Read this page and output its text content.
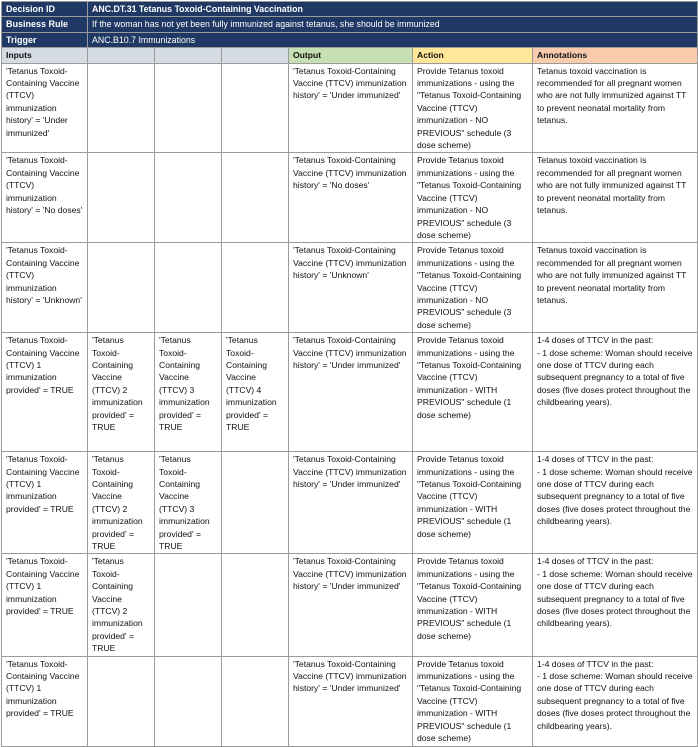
Decision ID	ANC.DT.31 Tetanus Toxoid-Containing Vaccination					
Business Rule	If the woman has not yet been fully immunized against tetanus, she should be immunized					
Trigger	ANC.B10.7 Immunizations					
Inputs				Output	Action	Annotations
'Tetanus Toxoid-Containing Vaccine (TTCV) immunization history' = 'Under immunized'				'Tetanus Toxoid-Containing Vaccine (TTCV) immunization history' = 'Under immunized'	Provide Tetanus toxoid immunizations - using the "Tetanus Toxoid-Containing Vaccine (TTCV) immunization - NO PREVIOUS" schedule (3 dose scheme)	Tetanus toxoid vaccination is recommended for all pregnant women who are not fully immunized against TT to prevent neonatal mortality from tetanus.
'Tetanus Toxoid-Containing Vaccine (TTCV) immunization history' = 'No doses'				'Tetanus Toxoid-Containing Vaccine (TTCV) immunization history' = 'No doses'	Provide Tetanus toxoid immunizations - using the "Tetanus Toxoid-Containing Vaccine (TTCV) immunization - NO PREVIOUS" schedule (3 dose scheme)	Tetanus toxoid vaccination is recommended for all pregnant women who are not fully immunized against TT to prevent neonatal mortality from tetanus.
'Tetanus Toxoid-Containing Vaccine (TTCV) immunization history' = 'Unknown'				'Tetanus Toxoid-Containing Vaccine (TTCV) immunization history' = 'Unknown'	Provide Tetanus toxoid immunizations - using the "Tetanus Toxoid-Containing Vaccine (TTCV) immunization - NO PREVIOUS" schedule (3 dose scheme)	Tetanus toxoid vaccination is recommended for all pregnant women who are not fully immunized against TT to prevent neonatal mortality from tetanus.
'Tetanus Toxoid-Containing Vaccine (TTCV) 1 immunization provided' = TRUE	'Tetanus Toxoid-Containing Vaccine (TTCV) 2 immunization provided' = TRUE	'Tetanus Toxoid-Containing Vaccine (TTCV) 3 immunization provided' = TRUE	'Tetanus Toxoid-Containing Vaccine (TTCV) 4 immunization provided' = TRUE	'Tetanus Toxoid-Containing Vaccine (TTCV) immunization history' = 'Under immunized'	Provide Tetanus toxoid immunizations - using the "Tetanus Toxoid-Containing Vaccine (TTCV) immunization - WITH PREVIOUS" schedule (1 dose scheme)	1-4 doses of TTCV in the past:
- 1 dose scheme: Woman should receive one dose of TTCV during each subsequent pregnancy to a total of five doses (five doses protect throughout the childbearing years).
'Tetanus Toxoid-Containing Vaccine (TTCV) 1 immunization provided' = TRUE	'Tetanus Toxoid-Containing Vaccine (TTCV) 2 immunization provided' = TRUE	'Tetanus Toxoid-Containing Vaccine (TTCV) 3 immunization provided' = TRUE		'Tetanus Toxoid-Containing Vaccine (TTCV) immunization history' = 'Under immunized'	Provide Tetanus toxoid immunizations - using the "Tetanus Toxoid-Containing Vaccine (TTCV) immunization - WITH PREVIOUS" schedule (1 dose scheme)	1-4 doses of TTCV in the past:
- 1 dose scheme: Woman should receive one dose of TTCV during each subsequent pregnancy to a total of five doses (five doses protect throughout the childbearing years).
'Tetanus Toxoid-Containing Vaccine (TTCV) 1 immunization provided' = TRUE	'Tetanus Toxoid-Containing Vaccine (TTCV) 2 immunization provided' = TRUE			'Tetanus Toxoid-Containing Vaccine (TTCV) immunization history' = 'Under immunized'	Provide Tetanus toxoid immunizations - using the "Tetanus Toxoid-Containing Vaccine (TTCV) immunization - WITH PREVIOUS" schedule (1 dose scheme)	1-4 doses of TTCV in the past:
- 1 dose scheme: Woman should receive one dose of TTCV during each subsequent pregnancy to a total of five doses (five doses protect throughout the childbearing years).
'Tetanus Toxoid-Containing Vaccine (TTCV) 1 immunization provided' = TRUE				'Tetanus Toxoid-Containing Vaccine (TTCV) immunization history' = 'Under immunized'	Provide Tetanus toxoid immunizations - using the "Tetanus Toxoid-Containing Vaccine (TTCV) immunization - WITH PREVIOUS" schedule (1 dose scheme)	1-4 doses of TTCV in the past:
- 1 dose scheme: Woman should receive one dose of TTCV during each subsequent pregnancy to a total of five doses (five doses protect throughout the childbearing years).
